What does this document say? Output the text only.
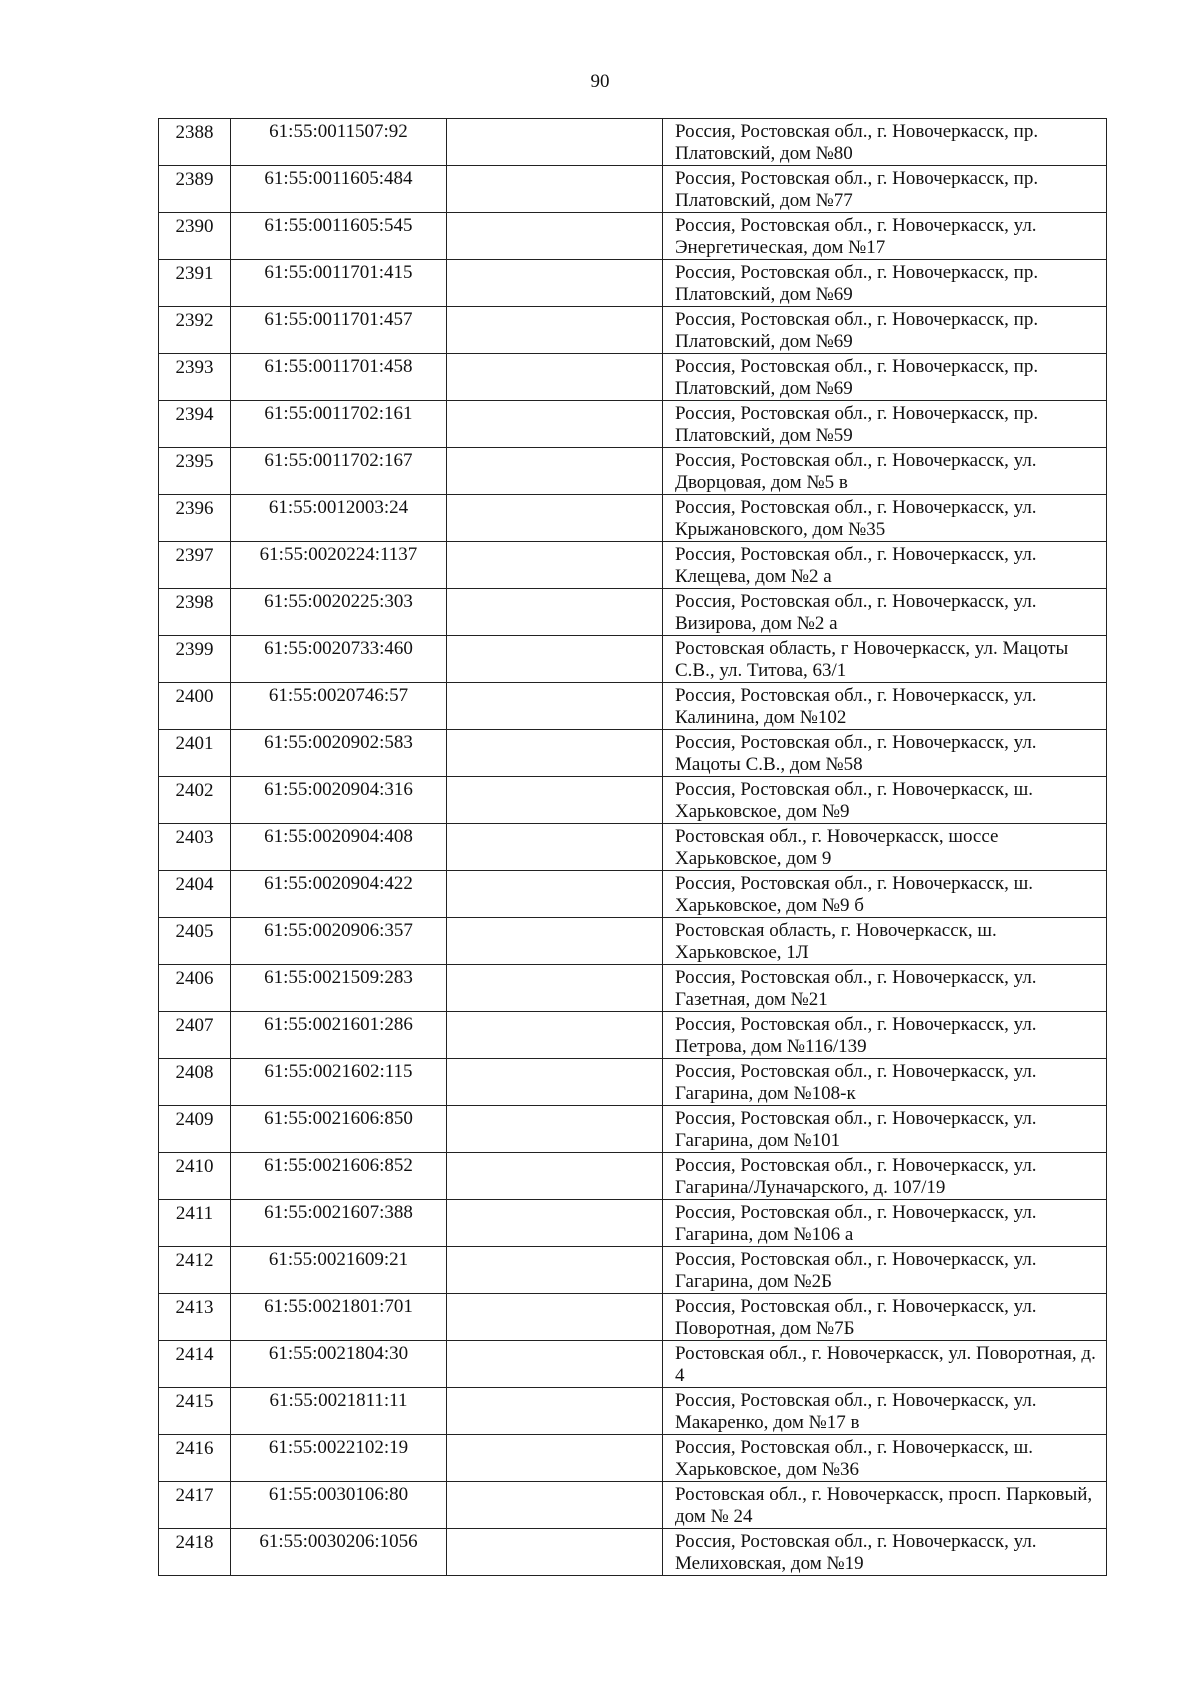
90
2388	61:55:0011507:92		Россия, Ростовская обл., г. Новочеркасск, пр. Платовский, дом №80
2389	61:55:0011605:484		Россия, Ростовская обл., г. Новочеркасск, пр. Платовский, дом №77
2390	61:55:0011605:545		Россия, Ростовская обл., г. Новочеркасск, ул. Энергетическая, дом №17
2391	61:55:0011701:415		Россия, Ростовская обл., г. Новочеркасск, пр. Платовский, дом №69
2392	61:55:0011701:457		Россия, Ростовская обл., г. Новочеркасск, пр. Платовский, дом №69
2393	61:55:0011701:458		Россия, Ростовская обл., г. Новочеркасск, пр. Платовский, дом №69
2394	61:55:0011702:161		Россия, Ростовская обл., г. Новочеркасск, пр. Платовский, дом №59
2395	61:55:0011702:167		Россия, Ростовская обл., г. Новочеркасск, ул. Дворцовая, дом №5 в
2396	61:55:0012003:24		Россия, Ростовская обл., г. Новочеркасск, ул. Крыжановского, дом №35
2397	61:55:0020224:1137		Россия, Ростовская обл., г. Новочеркасск, ул. Клещева, дом №2 а
2398	61:55:0020225:303		Россия, Ростовская обл., г. Новочеркасск, ул. Визирова, дом №2 а
2399	61:55:0020733:460		Ростовская область, г Новочеркасск, ул. Мацоты С.В., ул. Титова, 63/1
2400	61:55:0020746:57		Россия, Ростовская обл., г. Новочеркасск, ул. Калинина, дом №102
2401	61:55:0020902:583		Россия, Ростовская обл., г. Новочеркасск, ул. Мацоты С.В., дом №58
2402	61:55:0020904:316		Россия, Ростовская обл., г. Новочеркасск, ш. Харьковское, дом №9
2403	61:55:0020904:408		Ростовская обл., г. Новочеркасск, шоссе Харьковское, дом 9
2404	61:55:0020904:422		Россия, Ростовская обл., г. Новочеркасск, ш. Харьковское, дом №9 б
2405	61:55:0020906:357		Ростовская область, г. Новочеркасск, ш. Харьковское, 1Л
2406	61:55:0021509:283		Россия, Ростовская обл., г. Новочеркасск, ул. Газетная, дом №21
2407	61:55:0021601:286		Россия, Ростовская обл., г. Новочеркасск, ул. Петрова, дом №116/139
2408	61:55:0021602:115		Россия, Ростовская обл., г. Новочеркасск, ул. Гагарина, дом №108-к
2409	61:55:0021606:850		Россия, Ростовская обл., г. Новочеркасск, ул. Гагарина, дом №101
2410	61:55:0021606:852		Россия, Ростовская обл., г. Новочеркасск, ул. Гагарина/Луначарского, д. 107/19
2411	61:55:0021607:388		Россия, Ростовская обл., г. Новочеркасск, ул. Гагарина, дом №106 а
2412	61:55:0021609:21		Россия, Ростовская обл., г. Новочеркасск, ул. Гагарина, дом №2Б
2413	61:55:0021801:701		Россия, Ростовская обл., г. Новочеркасск, ул. Поворотная, дом №7Б
2414	61:55:0021804:30		Ростовская обл., г. Новочеркасск, ул. Поворотная, д. 4
2415	61:55:0021811:11		Россия, Ростовская обл., г. Новочеркасск, ул. Макаренко, дом №17 в
2416	61:55:0022102:19		Россия, Ростовская обл., г. Новочеркасск, ш. Харьковское, дом №36
2417	61:55:0030106:80		Ростовская обл., г. Новочеркасск, просп. Парковый, дом № 24
2418	61:55:0030206:1056		Россия, Ростовская обл., г. Новочеркасск, ул. Мелиховская, дом №19
